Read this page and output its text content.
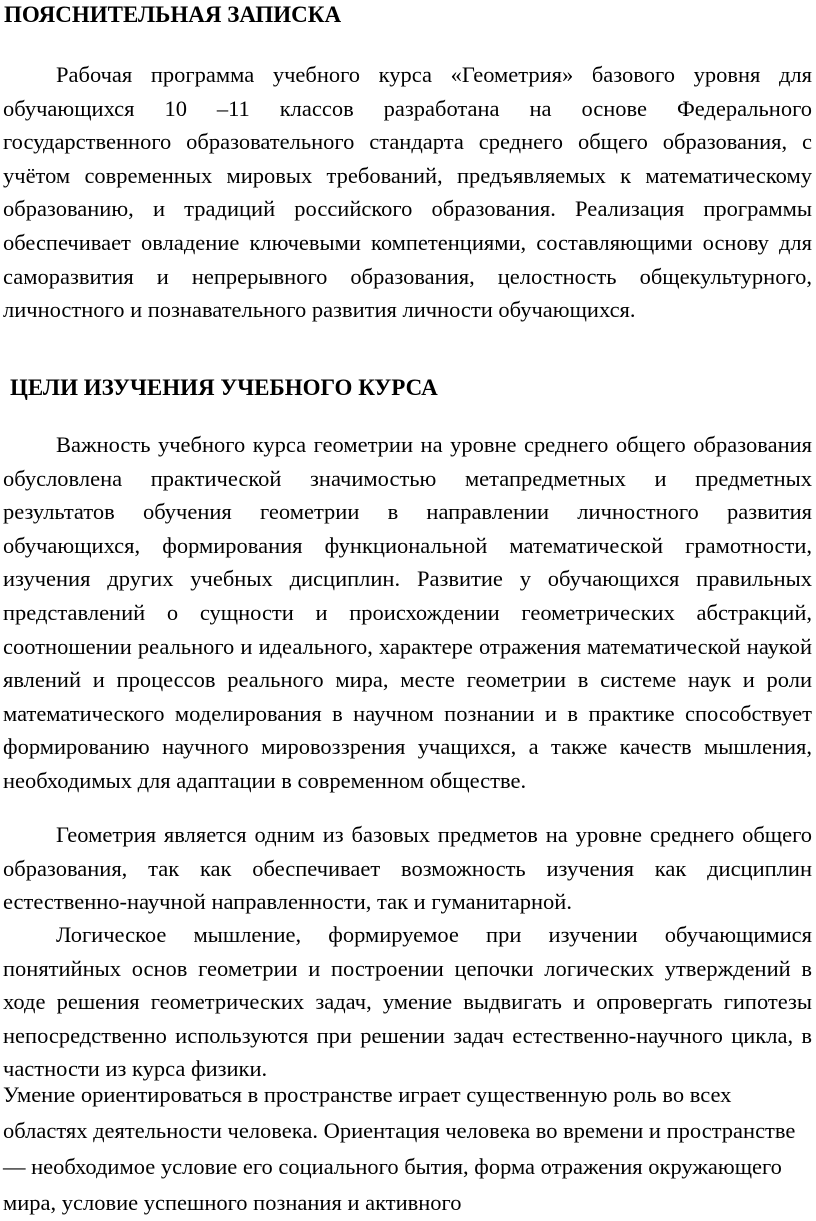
ПОЯСНИТЕЛЬНАЯ ЗАПИСКА

Рабочая программа учебного курса «Геометрия» базового уровня для обучающихся 10 –11 классов разработана на основе Федерального государственного образовательного стандарта среднего общего образования, с учётом современных мировых требований, предъявляемых к математическому образованию, и традиций российского образования. Реализация программы обеспечивает овладение ключевыми компетенциями, составляющими основу для саморазвития и непрерывного образования, целостность общекультурного, личностного и познавательного развития личности обучающихся.

ЦЕЛИ ИЗУЧЕНИЯ УЧЕБНОГО КУРСА

Важность учебного курса геометрии на уровне среднего общего образования обусловлена практической значимостью метапредметных и предметных результатов обучения геометрии в направлении личностного развития обучающихся, формирования функциональной математической грамотности, изучения других учебных дисциплин. Развитие у обучающихся правильных представлений о сущности и происхождении геометрических абстракций, соотношении реального и идеального, характере отражения математической наукой явлений и процессов реального мира, месте геометрии в системе наук и роли математического моделирования в научном познании и в практике способствует формированию научного мировоззрения учащихся, а также качеств мышления, необходимых для адаптации в современном обществе.

Геометрия является одним из базовых предметов на уровне среднего общего образования, так как обеспечивает возможность изучения как дисциплин естественно-научной направленности, так и гуманитарной.

Логическое мышление, формируемое при изучении обучающимися понятийных основ геометрии и построении цепочки логических утверждений в ходе решения геометрических задач, умение выдвигать и опровергать гипотезы непосредственно используются при решении задач естественно-научного цикла, в частности из курса физики.

Умение ориентироваться в пространстве играет существенную роль во всех областях деятельности человека. Ориентация человека во времени и пространстве — необходимое условие его социального бытия, форма отражения окружающего мира, условие успешного познания и активного
